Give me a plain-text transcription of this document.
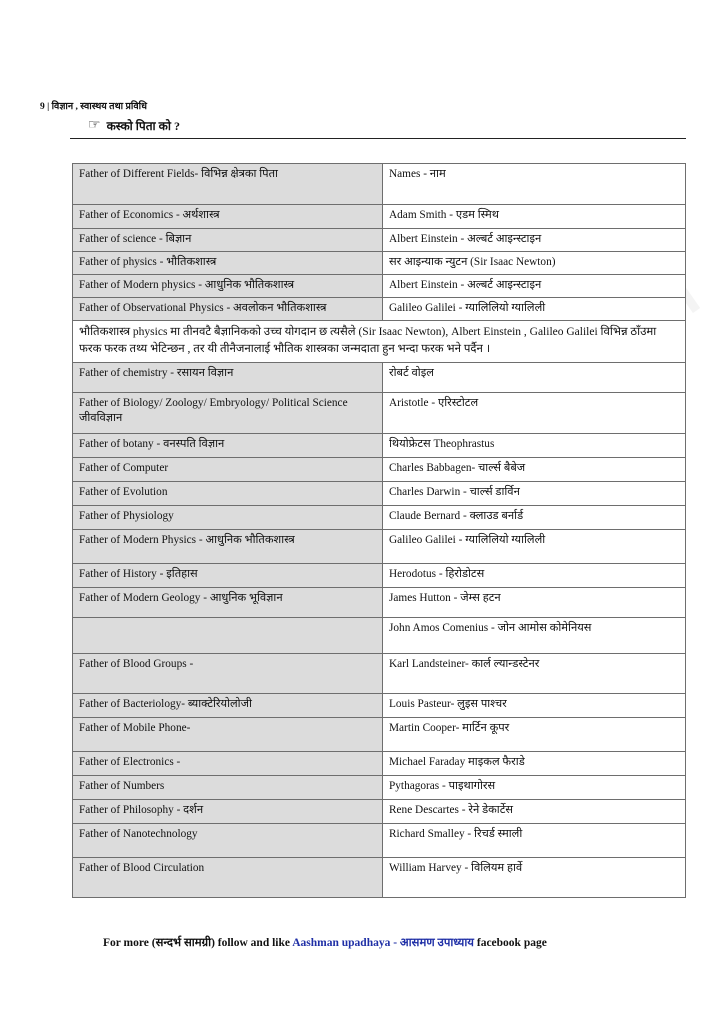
9 | विज्ञान , स्वास्थय तथा प्रविधि
☞ कस्को पिता को ?
Father of Different Fields- विभिन्न क्षेत्रका पिता	Names - नाम
Father of Economics - अर्थशास्त्र	Adam Smith - एडम स्मिथ
Father of science - बिज्ञान	Albert Einstein - अल्बर्ट आइन्स्टाइन
Father of physics - भौतिकशास्त्र	सर आइन्याक न्युटन (Sir Isaac Newton)
Father of Modern physics - आधुनिक भौतिकशास्त्र	Albert Einstein - अल्बर्ट आइन्स्टाइन
Father of Observational Physics - अवलोकन भौतिकशास्त्र	Galileo Galilei - ग्यालिलियो ग्यालिली
भौतिकशास्त्र physics मा तीनवटै बैज्ञानिकको उच्च योगदान छ त्यसैले (Sir Isaac Newton), Albert Einstein , Galileo Galilei विभिन्न ठाँउमा फरक फरक तथ्य भेटिन्छन , तर यी तीनैजनालाई भौतिक शास्त्रका जन्मदाता हुन भन्दा फरक भने पर्दैन ।	
Father of chemistry - रसायन विज्ञान	रोबर्ट वोइल
Father of Biology/ Zoology/ Embryology/ Political Science जीवविज्ञान	Aristotle - एरिस्टोटल
Father of botany - वनस्पति विज्ञान	थियोफ्रेटस Theophrastus
Father of Computer	Charles Babbagen- चार्ल्स बैबेज
Father of Evolution	Charles Darwin - चार्ल्स डार्विन
Father of Physiology	Claude Bernard - क्लाउड बर्नार्ड
Father of Modern Physics - आधुनिक भौतिकशास्त्र	Galileo Galilei - ग्यालिलियो ग्यालिली
Father of History - इतिहास	Herodotus - हिरोडोटस
Father of Modern Geology - आधुनिक भूविज्ञान	James Hutton - जेम्स हटन
	John Amos Comenius - जोन आमोस कोमेनियस
Father of Blood Groups -	Karl Landsteiner- कार्ल ल्यान्डस्टेनर
Father of Bacteriology- ब्याक्टेरियोलोजी	Louis Pasteur- लुइस पाश्चर
Father of Mobile Phone-	Martin Cooper- मार्टिन कूपर
Father of Electronics -	Michael Faraday माइकल फैराडे
Father of Numbers	Pythagoras - पाइथागोरस
Father of Philosophy - दर्शन	Rene Descartes - रेने डेकार्टेस
Father of Nanotechnology	Richard Smalley - रिचर्ड स्माली
Father of Blood Circulation	William Harvey - विलियम हार्वे
For more (सन्दर्भ सामग्री) follow and like Aashman upadhaya - आसमण उपाध्याय facebook page
